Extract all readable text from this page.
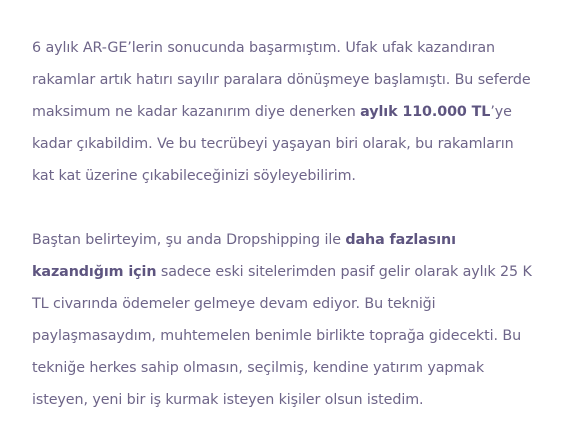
6 aylık AR-GE’lerin sonucunda başarmıştım. Ufak ufak kazandıran rakamlar artık hatırı sayılır paralara dönüşmeye başlamıştı. Bu seferde maksimum ne kadar kazanırım diye denerken aylık 110.000 TL’ye kadar çıkabildim. Ve bu tecrübeyi yaşayan biri olarak, bu rakamların kat kat üzerine çıkabileceğinizi söyleyebilirim.

Baştan belirteyim, şu anda Dropshipping ile daha fazlasını kazandığım için sadece eski sitelerimden pasif gelir olarak aylık 25 K TL civarında ödemeler gelmeye devam ediyor. Bu tekniği paylaşmasaydım, muhtemelen benimle birlikte toprağa gidecekti. Bu tekniğe herkes sahip olmasın, seçilmiş, kendine yatırım yapmak isteyen, yeni bir iş kurmak isteyen kişiler olsun istedim.
